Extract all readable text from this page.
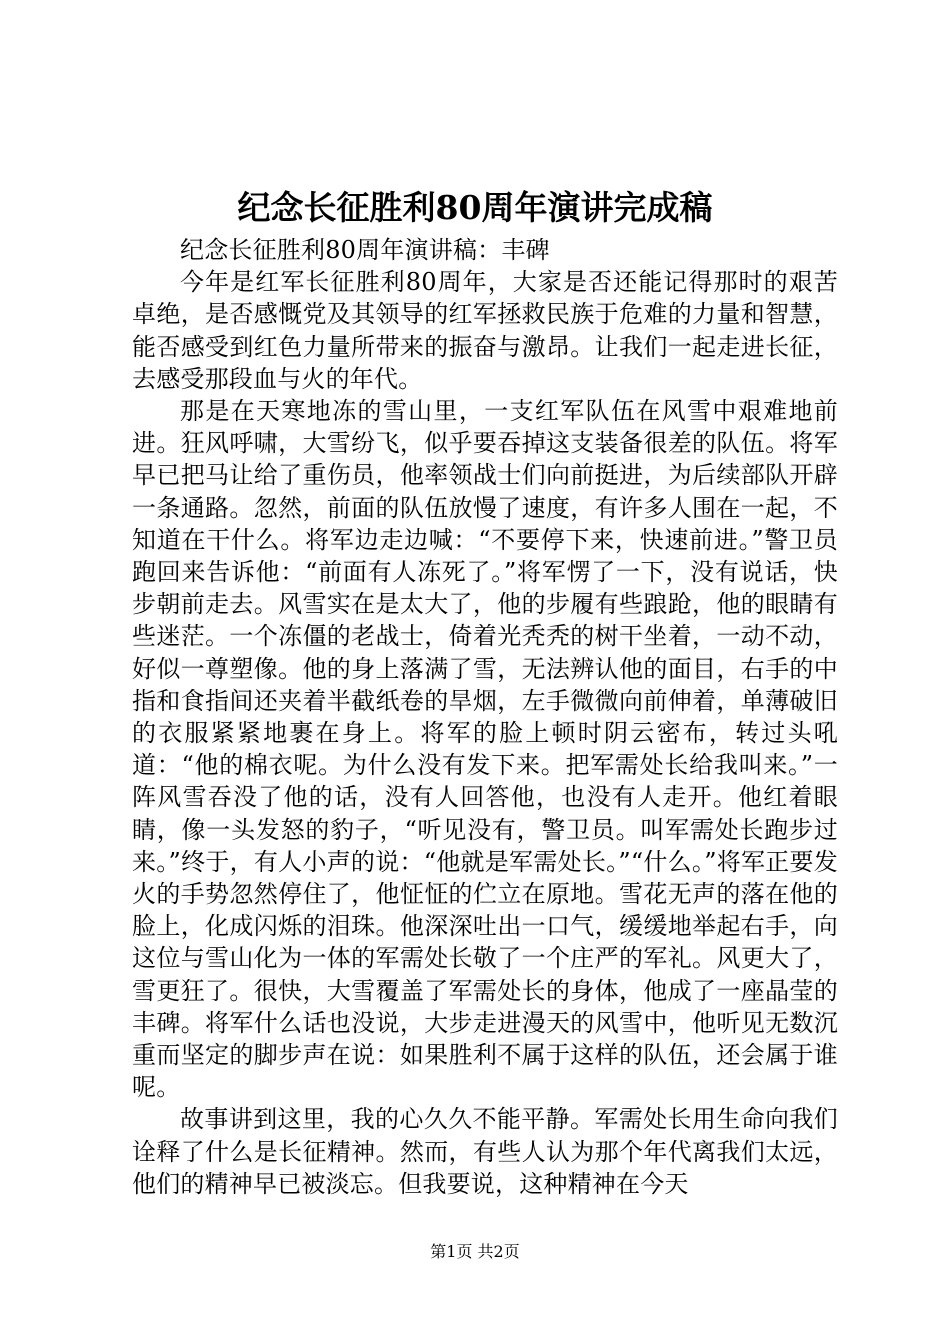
纪念长征胜利80周年演讲完成稿

纪念长征胜利80周年演讲稿：丰碑

今年是红军长征胜利80周年，大家是否还能记得那时的艰苦卓绝，是否感慨党及其领导的红军拯救民族于危难的力量和智慧，能否感受到红色力量所带来的振奋与激昂。让我们一起走进长征，去感受那段血与火的年代。

那是在天寒地冻的雪山里，一支红军队伍在风雪中艰难地前进。狂风呼啸，大雪纷飞，似乎要吞掉这支装备很差的队伍。将军早已把马让给了重伤员，他率领战士们向前挺进，为后续部队开辟一条通路。忽然，前面的队伍放慢了速度，有许多人围在一起，不知道在干什么。将军边走边喊：“不要停下来，快速前进。”警卫员跑回来告诉他：“前面有人冻死了。”将军愣了一下，没有说话，快步朝前走去。风雪实在是太大了，他的步履有些踉跄，他的眼睛有些迷茫。一个冻僵的老战士，倚着光秃秃的树干坐着，一动不动，好似一尊塑像。他的身上落满了雪，无法辨认他的面目，右手的中指和食指间还夹着半截纸卷的旱烟，左手微微向前伸着，单薄破旧的衣服紧紧地裹在身上。将军的脸上顿时阴云密布，转过头吼道：“他的棉衣呢。为什么没有发下来。把军需处长给我叫来。”一阵风雪吞没了他的话，没有人回答他，也没有人走开。他红着眼睛，像一头发怒的豹子，“听见没有，警卫员。叫军需处长跑步过来。”终于，有人小声的说：“他就是军需处长。”“什么。”将军正要发火的手势忽然停住了，他怔怔的伫立在原地。雪花无声的落在他的脸上，化成闪烁的泪珠。他深深吐出一口气，缓缓地举起右手，向这位与雪山化为一体的军需处长敬了一个庄严的军礼。风更大了，雪更狂了。很快，大雪覆盖了军需处长的身体，他成了一座晶莹的丰碑。将军什么话也没说，大步走进漫天的风雪中，他听见无数沉重而坚定的脚步声在说：如果胜利不属于这样的队伍，还会属于谁呢。

故事讲到这里，我的心久久不能平静。军需处长用生命向我们诠释了什么是长征精神。然而，有些人认为那个年代离我们太远，他们的精神早已被淡忘。但我要说，这种精神在今天

第1页 共2页
